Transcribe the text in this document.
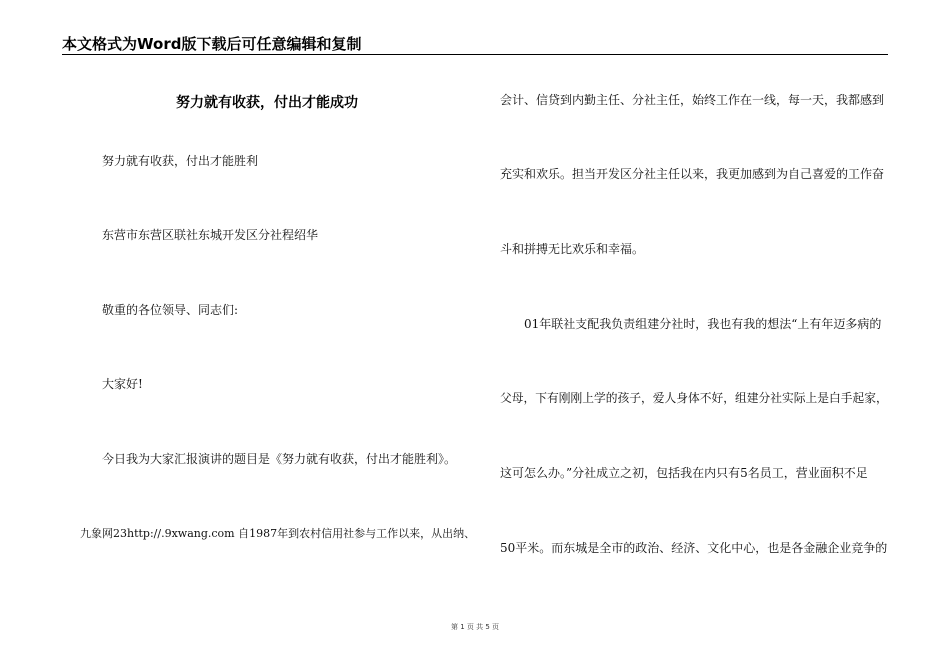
本文格式为Word版下载后可任意编辑和复制
努力就有收获，付出才能成功
努力就有收获，付出才能胜利
东营市东营区联社东城开发区分社程绍华
敬重的各位领导、同志们:
大家好!
今日我为大家汇报演讲的题目是《努力就有收获，付出才能胜利》。
九象网23http://.9xwang.com 自1987年到农村信用社参与工作以来，从出纳、
会计、信贷到内勤主任、分社主任，始终工作在一线，每一天，我都感到
充实和欢乐。担当开发区分社主任以来，我更加感到为自己喜爱的工作奋
斗和拼搏无比欢乐和幸福。
01年联社支配我负责组建分社时，我也有我的想法“上有年迈多病的
父母，下有刚刚上学的孩子，爱人身体不好，组建分社实际上是白手起家，
这可怎么办。”分社成立之初，包括我在内只有5名员工，营业面积不足
50平米。而东城是全市的政治、经济、文化中心，也是各金融企业竞争的
第 1 页 共 5 页
